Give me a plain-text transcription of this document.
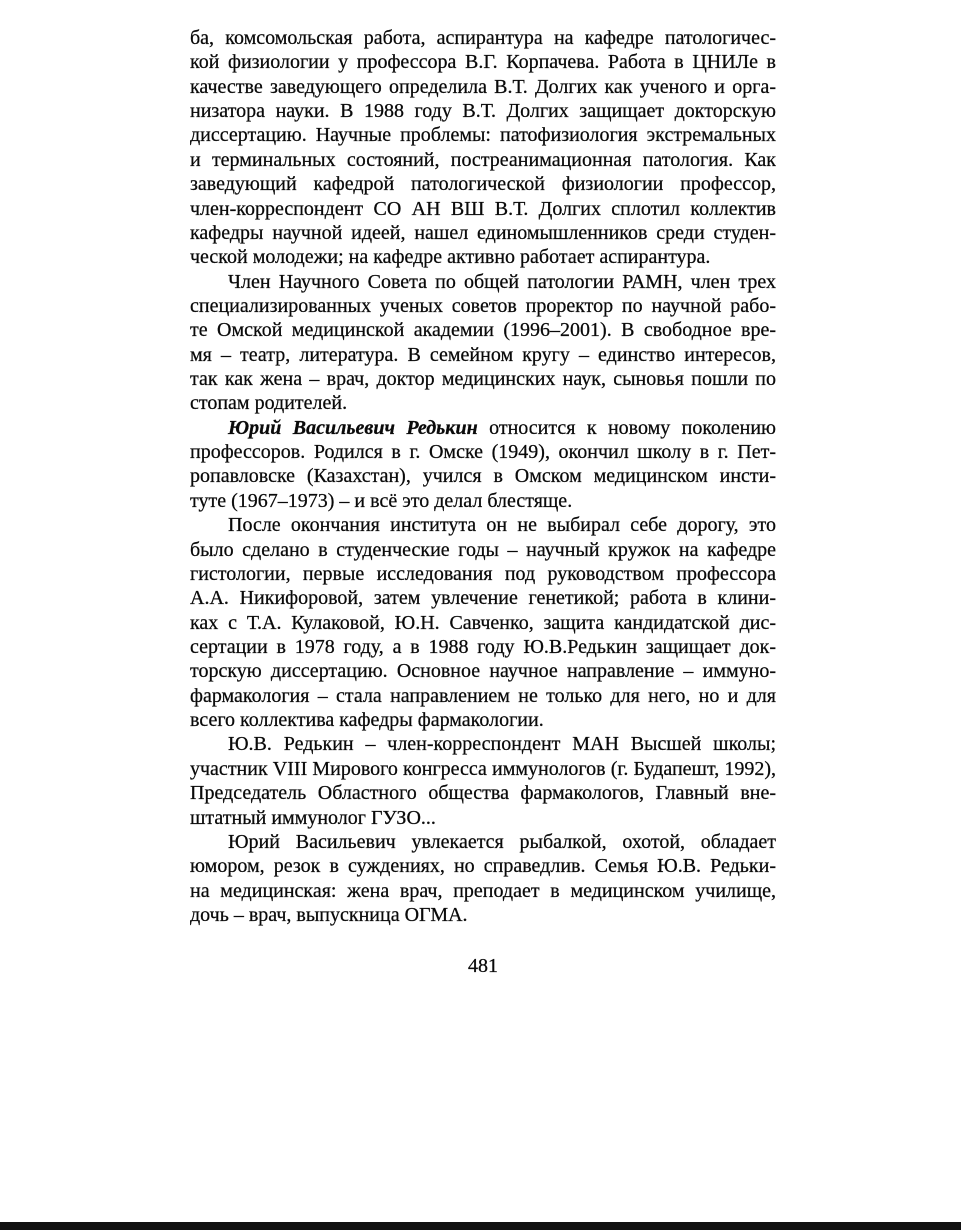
ба, комсомольская работа, аспирантура на кафедре патологичес-
кой физиологии у профессора В.Г. Корпачева. Работа в ЦНИЛе в
качестве заведующего определила В.Т. Долгих как ученого и орга-
низатора науки. В 1988 году В.Т. Долгих защищает докторскую
диссертацию. Научные проблемы: патофизиология экстремальных
и терминальных состояний, постреанимационная патология. Как
заведующий кафедрой патологической физиологии профессор,
член-корреспондент СО АН ВШ В.Т. Долгих сплотил коллектив
кафедры научной идеей, нашел единомышленников среди студен-
ческой молодежи; на кафедре активно работает аспирантура.
Член Научного Совета по общей патологии РАМН, член трех
специализированных ученых советов проректор по научной рабо-
те Омской медицинской академии (1996–2001). В свободное вре-
мя – театр, литература. В семейном кругу – единство интересов,
так как жена – врач, доктор медицинских наук, сыновья пошли по
стопам родителей.
Юрий Васильевич Редькин относится к новому поколению
профессоров. Родился в г. Омске (1949), окончил школу в г. Пет-
ропавловске (Казахстан), учился в Омском медицинском инсти-
туте (1967–1973) – и всё это делал блестяще.
После окончания института он не выбирал себе дорогу, это
было сделано в студенческие годы – научный кружок на кафедре
гистологии, первые исследования под руководством профессора
А.А. Никифоровой, затем увлечение генетикой; работа в клини-
ках с Т.А. Кулаковой, Ю.Н. Савченко, защита кандидатской дис-
сертации в 1978 году, а в 1988 году Ю.В.Редькин защищает док-
торскую диссертацию. Основное научное направление – иммуно-
фармакология – стала направлением не только для него, но и для
всего коллектива кафедры фармакологии.
Ю.В. Редькин – член-корреспондент МАН Высшей школы;
участник VIII Мирового конгресса иммунологов (г. Будапешт, 1992),
Председатель Областного общества фармакологов, Главный вне-
штатный иммунолог ГУЗО...
Юрий Васильевич увлекается рыбалкой, охотой, обладает
юмором, резок в суждениях, но справедлив. Семья Ю.В. Редьки-
на медицинская: жена врач, преподает в медицинском училище,
дочь – врач, выпускница ОГМА.
481
